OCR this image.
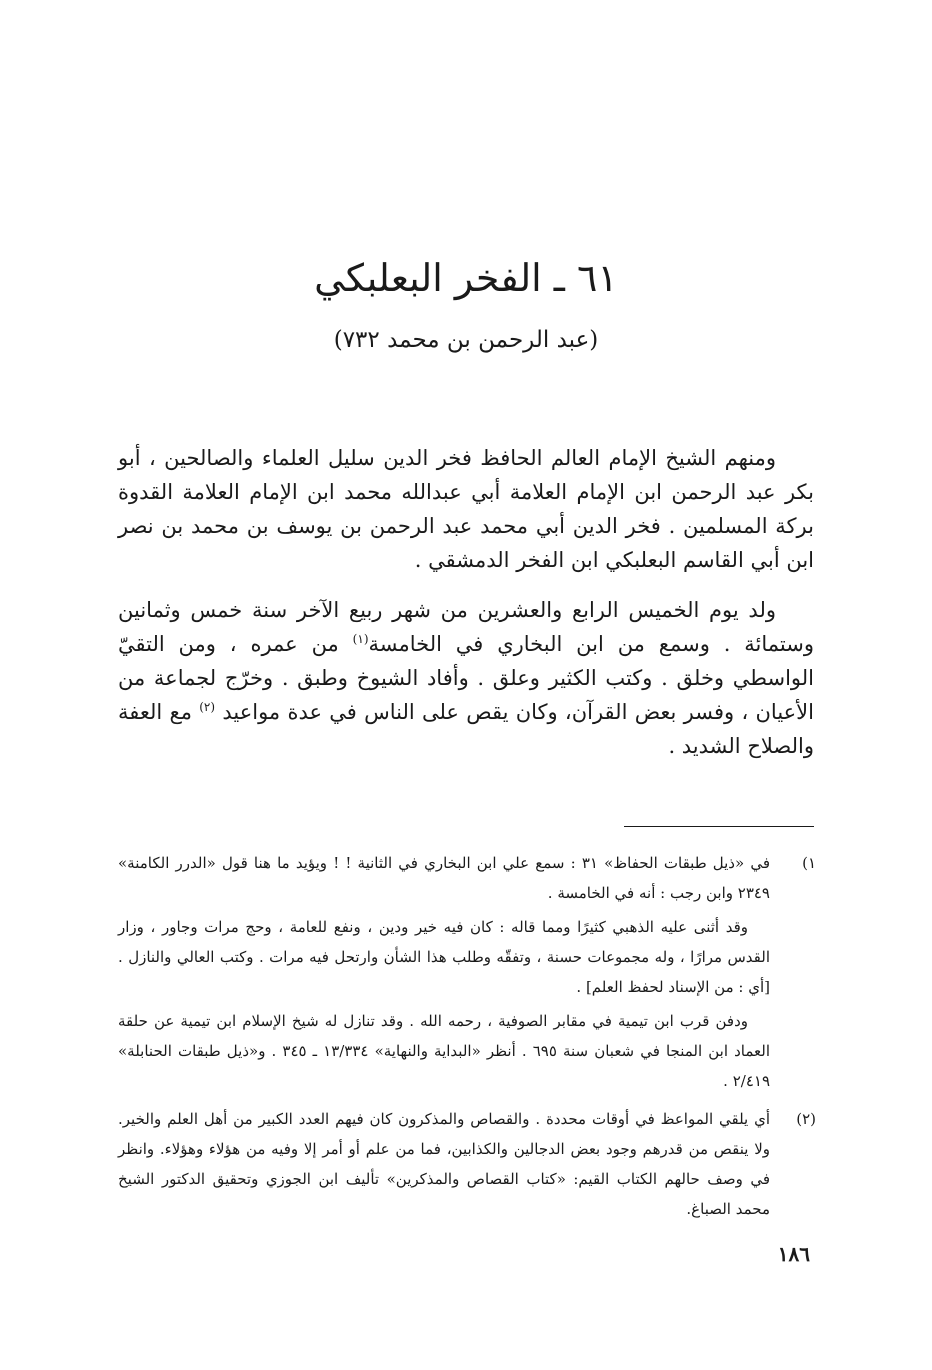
٦١ ـ الفخر البعلبكي
(عبد الرحمن بن محمد ٧٣٢)

ومنهم الشيخ الإمام العالم الحافظ فخر الدين سليل العلماء والصالحين ، أبو بكر عبد الرحمن ابن الإمام العلامة أبي عبدالله محمد ابن الإمام العلامة القدوة بركة المسلمين . فخر الدين أبي محمد عبد الرحمن بن يوسف بن محمد بن نصر ابن أبي القاسم البعلبكي ابن الفخر الدمشقي .

ولد يوم الخميس الرابع والعشرين من شهر ربيع الآخر سنة خمس وثمانين وستمائة . وسمع من ابن البخاري في الخامسة$^{(١)}$ من عمره ، ومن التقيّ الواسطي وخلق . وكتب الكثير وعلق . وأفاد الشيوخ وطبق . وخرّج لجماعة من الأعيان ، وفسر بعض القرآن، وكان يقص على الناس في عدة مواعيد $^{(٢)}$ مع العفة والصلاح الشديد .

١)

في «ذيل طبقات الحفاظ» ٣١ : سمع علي ابن البخاري في الثانية ! ! ويؤيد ما هنا قول «الدرر الكامنة» ٢٣٤٩ وابن رجب : أنه في الخامسة .

وقد أثنى عليه الذهبي كثيرًا ومما قاله : كان فيه خير ودين ، ونفع للعامة ، وحج مرات وجاور ، وزار القدس مرارًا ، وله مجموعات حسنة ، وتفقّه وطلب هذا الشأن وارتحل فيه مرات . وكتب العالي والنازل . [أي : من الإسناد لحفظ العلم] .

ودفن قرب ابن تيمية في مقابر الصوفية ، رحمه الله . وقد تنازل له شيخ الإسلام ابن تيمية عن حلقة العماد ابن المنجا في شعبان سنة ٦٩٥ . أنظر «البداية والنهاية» ١٣/٣٣٤ ـ ٣٤٥ . و«ذيل طبقات الحنابلة» ٢/٤١٩ .

(٢)

أي يلقي المواعظ في أوقات محددة . والقصاص والمذكرون كان فيهم العدد الكبير من أهل العلم والخير. ولا ينقص من قدرهم وجود بعض الدجالين والكذابين، فما من علم أو أمر إلا وفيه من هؤلاء وهؤلاء. وانظر في وصف حالهم الكتاب القيم: «كتاب القصاص والمذكرين» تأليف ابن الجوزي وتحقيق الدكتور الشيخ محمد الصباغ.

١٨٦
